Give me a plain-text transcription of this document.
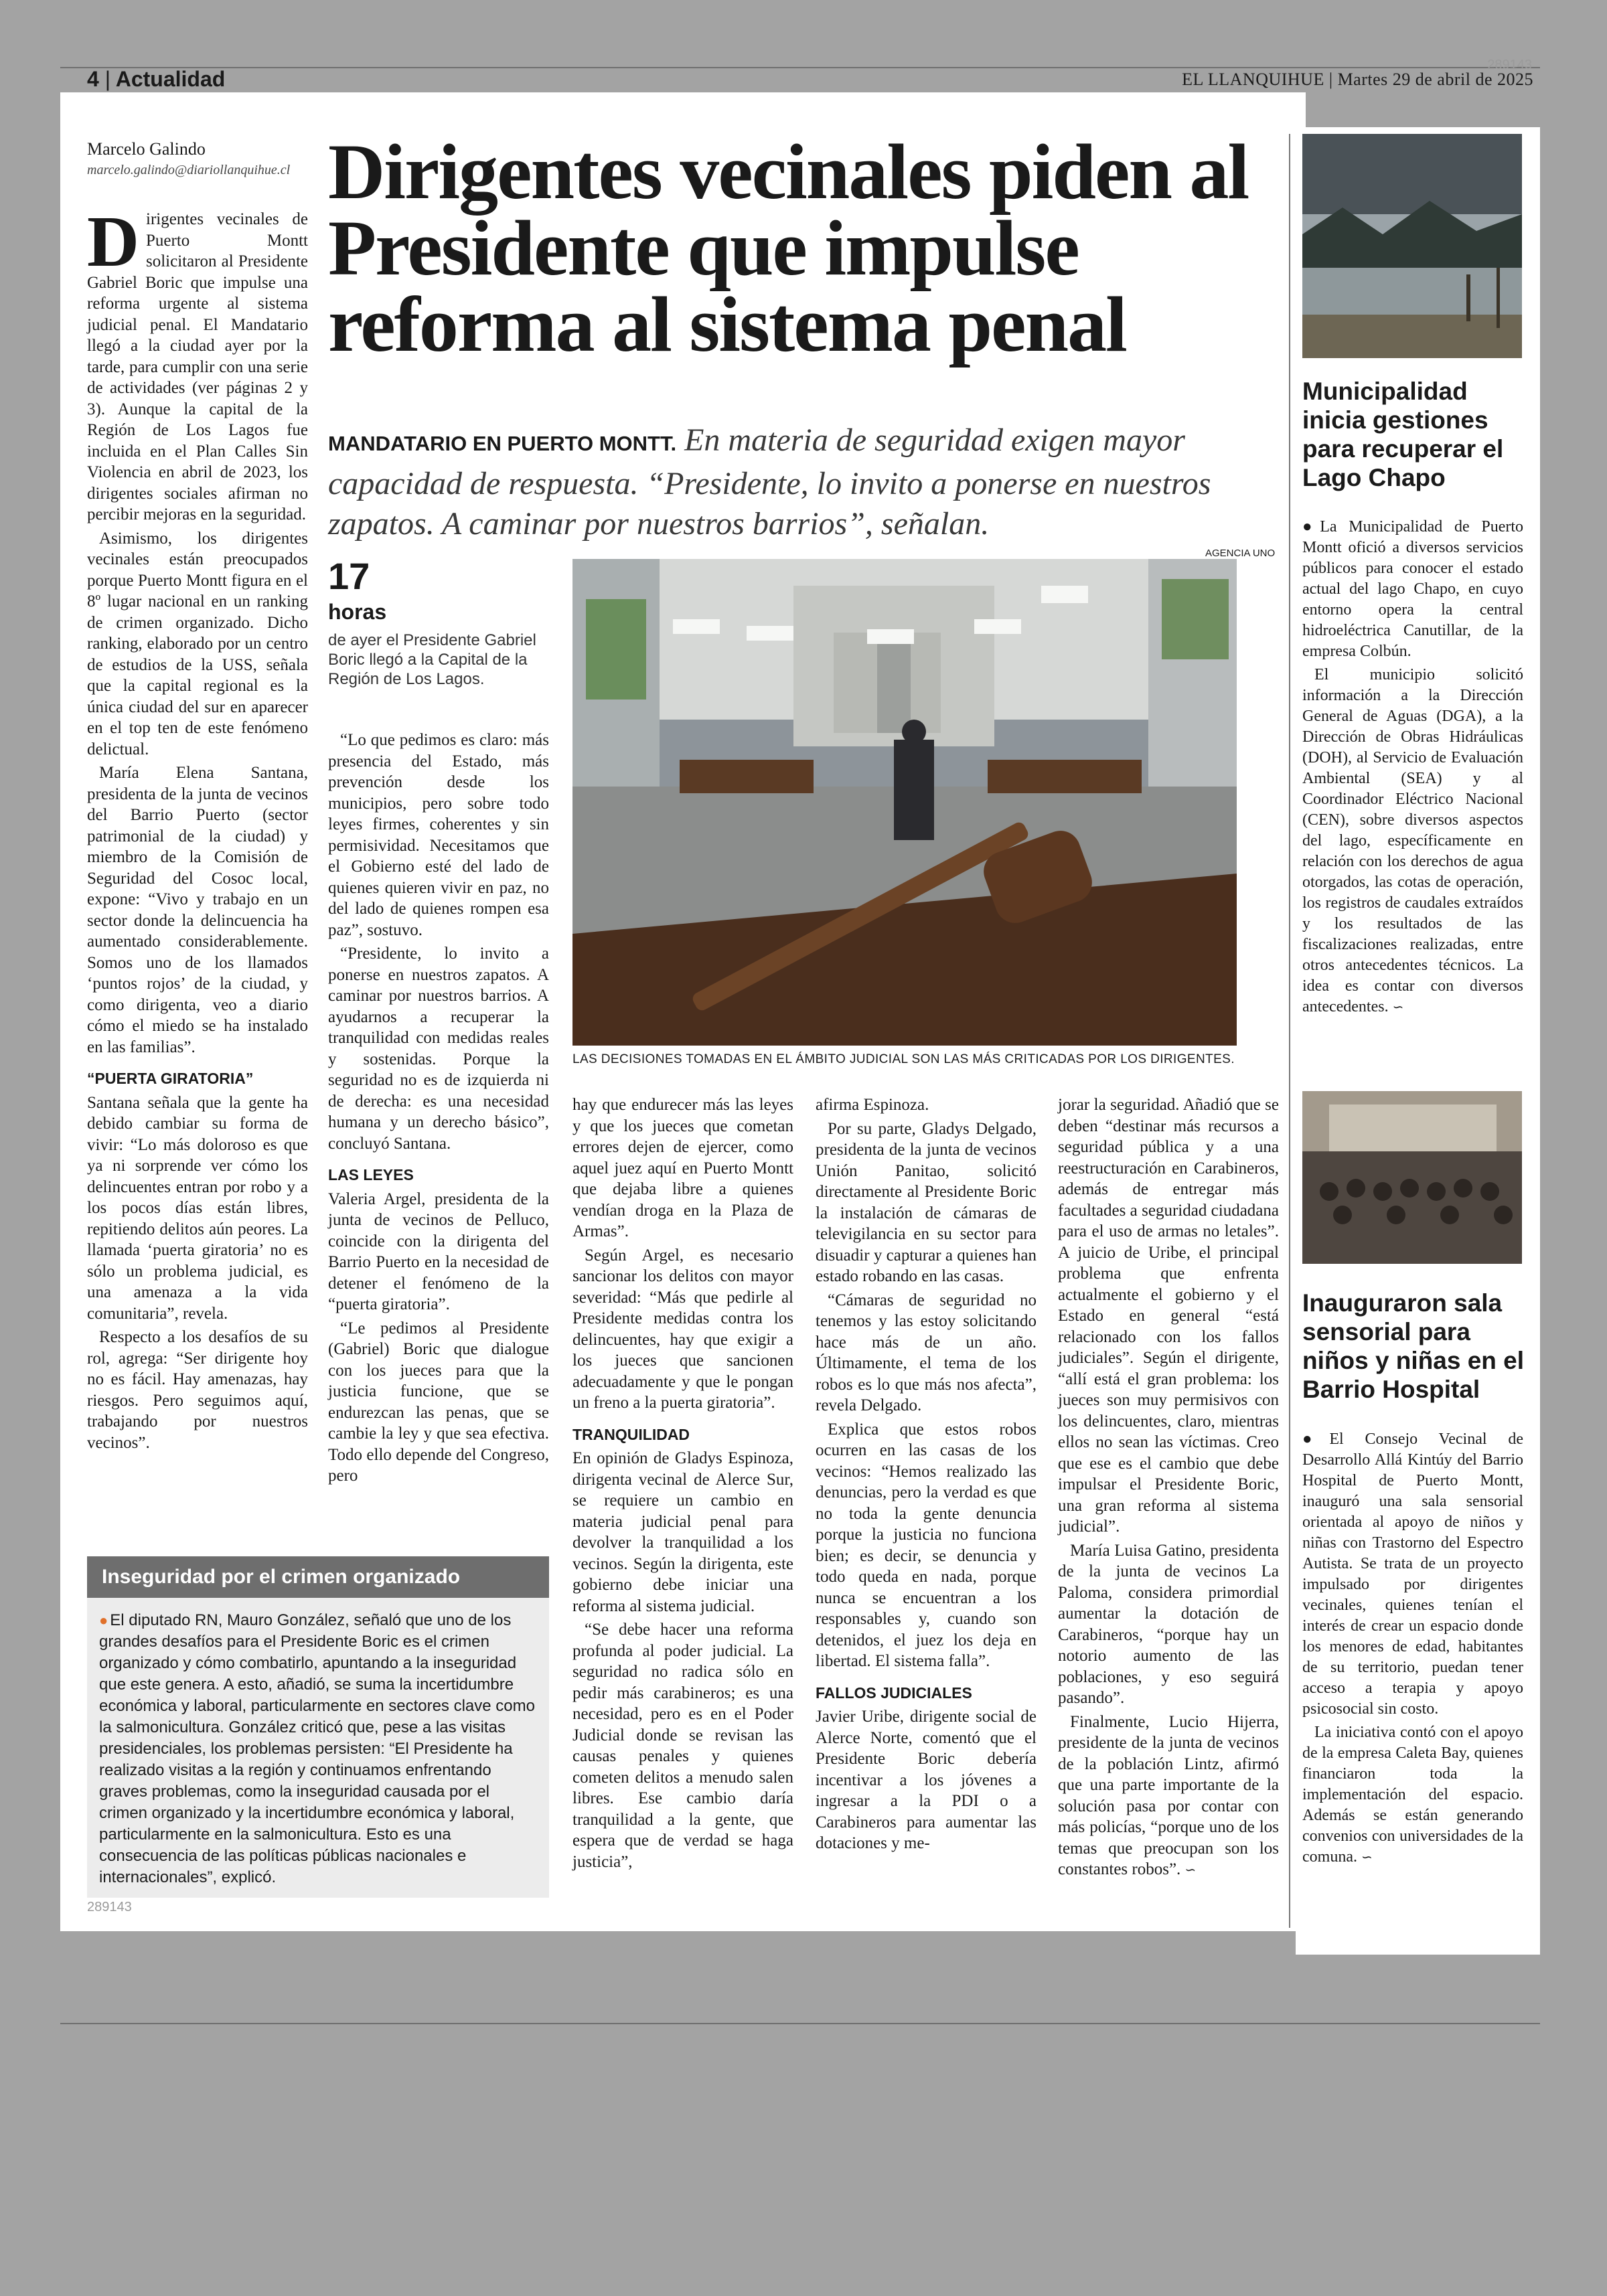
4 | Actualidad	EL LLANQUIHUE | Martes 29 de abril de 2025
289143
Marcelo Galindo
marcelo.galindo@diariollanquihue.cl Dirigentes vecinales piden al Presidente que impulse reforma al sistema penal
MANDATARIO EN PUERTO MONTT. En materia de seguridad exigen mayor capacidad de respuesta. “Presidente, lo invito a ponerse en nuestros zapatos. A caminar por nuestros barrios”, señalan.
17
horas
de ayer el Presidente Gabriel Boric llegó a la Capital de la Región de Los Lagos.
AGENCIA UNO
LAS DECISIONES TOMADAS EN EL ÁMBITO JUDICIAL SON LAS MÁS CRITICADAS POR LOS DIRIGENTES.

Dirigentes vecinales de Puerto Montt solicitaron al Presidente Gabriel Boric que impulse una reforma urgente al sistema judicial penal. El Mandatario llegó a la ciudad ayer por la tarde, para cumplir con una serie de actividades (ver páginas 2 y 3). Aunque la capital de la Región de Los Lagos fue incluida en el Plan Calles Sin Violencia en abril de 2023, los dirigentes sociales afirman no percibir mejoras en la seguridad.

Asimismo, los dirigentes vecinales están preocupados porque Puerto Montt figura en el 8º lugar nacional en un ranking de crimen organizado. Dicho ranking, elaborado por un centro de estudios de la USS, señala que la capital regional es la única ciudad del sur en aparecer en el top ten de este fenómeno delictual.

María Elena Santana, presidenta de la junta de vecinos del Barrio Puerto (sector patrimonial de la ciudad) y miembro de la Comisión de Seguridad del Cosoc local, expone: “Vivo y trabajo en un sector donde la delincuencia ha aumentado considerablemente. Somos uno de los llamados ‘puntos rojos’ de la ciudad, y como dirigenta, veo a diario cómo el miedo se ha instalado en las familias”.

“PUERTA GIRATORIA”

Santana señala que la gente ha debido cambiar su forma de vivir: “Lo más doloroso es que ya ni sorprende ver cómo los delincuentes entran por robo y a los pocos días están libres, repitiendo delitos aún peores. La llamada ‘puerta giratoria’ no es sólo un problema judicial, es una amenaza a la vida comunitaria”, revela.

Respecto a los desafíos de su rol, agrega: “Ser dirigente hoy no es fácil. Hay amenazas, hay riesgos. Pero seguimos aquí, trabajando por nuestros vecinos”.

“Lo que pedimos es claro: más presencia del Estado, más prevención desde los municipios, pero sobre todo leyes firmes, coherentes y sin permisividad. Necesitamos que el Gobierno esté del lado de quienes quieren vivir en paz, no del lado de quienes rompen esa paz”, sostuvo.

“Presidente, lo invito a ponerse en nuestros zapatos. A caminar por nuestros barrios. A ayudarnos a recuperar la tranquilidad con medidas reales y sostenidas. Porque la seguridad no es de izquierda ni de derecha: es una necesidad humana y un derecho básico”, concluyó Santana.

LAS LEYES

Valeria Argel, presidenta de la junta de vecinos de Pelluco, coincide con la dirigenta del Barrio Puerto en la necesidad de detener el fenómeno de la “puerta giratoria”.

“Le pedimos al Presidente (Gabriel) Boric que dialogue con los jueces para que la justicia funcione, que se endurezcan las penas, que se cambie la ley y que sea efectiva. Todo ello depende del Congreso, pero

hay que endurecer más las leyes y que los jueces que cometan errores dejen de ejercer, como aquel juez aquí en Puerto Montt que dejaba libre a quienes vendían droga en la Plaza de Armas”.

Según Argel, es necesario sancionar los delitos con mayor severidad: “Más que pedirle al Presidente medidas contra los delincuentes, hay que exigir a los jueces que sancionen adecuadamente y que le pongan un freno a la puerta giratoria”.

TRANQUILIDAD

En opinión de Gladys Espinoza, dirigenta vecinal de Alerce Sur, se requiere un cambio en materia judicial penal para devolver la tranquilidad a los vecinos. Según la dirigenta, este gobierno debe iniciar una reforma al sistema judicial.

“Se debe hacer una reforma profunda al poder judicial. La seguridad no radica sólo en pedir más carabineros; es una necesidad, pero es en el Poder Judicial donde se revisan las causas penales y quienes cometen delitos a menudo salen libres. Ese cambio daría tranquilidad a la gente, que espera que de verdad se haga justicia”,

afirma Espinoza.

Por su parte, Gladys Delgado, presidenta de la junta de vecinos Unión Panitao, solicitó directamente al Presidente Boric la instalación de cámaras de televigilancia en su sector para disuadir y capturar a quienes han estado robando en las casas.

“Cámaras de seguridad no tenemos y las estoy solicitando hace más de un año. Últimamente, el tema de los robos es lo que más nos afecta”, revela Delgado.

Explica que estos robos ocurren en las casas de los vecinos: “Hemos realizado las denuncias, pero la verdad es que no toda la gente denuncia porque la justicia no funciona bien; es decir, se denuncia y todo queda en nada, porque nunca se encuentran a los responsables y, cuando son detenidos, el juez los deja en libertad. El sistema falla”.

FALLOS JUDICIALES

Javier Uribe, dirigente social de Alerce Norte, comentó que el Presidente Boric debería incentivar a los jóvenes a ingresar a la PDI o a Carabineros para aumentar las dotaciones y me-

jorar la seguridad. Añadió que se deben “destinar más recursos a seguridad pública y a una reestructuración en Carabineros, además de entregar más facultades a seguridad ciudadana para el uso de armas no letales”. A juicio de Uribe, el principal problema que enfrenta actualmente el gobierno y el Estado en general “está relacionado con los fallos judiciales”. Según el dirigente, “allí está el gran problema: los jueces son muy permisivos con los delincuentes, claro, mientras ellos no sean las víctimas. Creo que ese es el cambio que debe impulsar el Presidente Boric, una gran reforma al sistema judicial”.

María Luisa Gatino, presidenta de la junta de vecinos La Paloma, considera primordial aumentar la dotación de Carabineros, “porque hay un notorio aumento de las poblaciones, y eso seguirá pasando”.

Finalmente, Lucio Hijerra, presidente de la junta de vecinos de la población Lintz, afirmó que una parte importante de la solución pasa por contar con más policías, “porque uno de los temas que preocupan son los constantes robos”. ∽

Inseguridad por el crimen organizado
● El diputado RN, Mauro González, señaló que uno de los grandes desafíos para el Presidente Boric es el crimen organizado y cómo combatirlo, apuntando a la inseguridad que este genera. A esto, añadió, se suma la incertidumbre económica y laboral, particularmente en sectores clave como la salmonicultura. González criticó que, pese a las visitas presidenciales, los problemas persisten: “El Presidente ha realizado visitas a la región y continuamos enfrentando graves problemas, como la inseguridad causada por el crimen organizado y la incertidumbre económica y laboral, particularmente en la salmonicultura. Esto es una consecuencia de las políticas públicas nacionales e internacionales”, explicó.
289143
Municipalidad inicia gestiones para recuperar el Lago Chapo

●La Municipalidad de Puerto Montt ofició a diversos servicios públicos para conocer el estado actual del lago Chapo, en cuyo entorno opera la central hidroeléctrica Canutillar, de la empresa Colbún.

El municipio solicitó información a la Dirección General de Aguas (DGA), a la Dirección de Obras Hidráulicas (DOH), al Servicio de Evaluación Ambiental (SEA) y al Coordinador Eléctrico Nacional (CEN), sobre diversos aspectos del lago, específicamente en relación con los derechos de agua otorgados, las cotas de operación, los registros de caudales extraídos y los resultados de las fiscalizaciones realizadas, entre otros antecedentes técnicos. La idea es contar con diversos antecedentes. ∽

Inauguraron sala sensorial para niños y niñas en el Barrio Hospital

●El Consejo Vecinal de Desarrollo Allá Kintúy del Barrio Hospital de Puerto Montt, inauguró una sala sensorial orientada al apoyo de niños y niñas con Trastorno del Espectro Autista. Se trata de un proyecto impulsado por dirigentes vecinales, quienes tenían el interés de crear un espacio donde los menores de edad, habitantes de su territorio, puedan tener acceso a terapia y apoyo psicosocial sin costo.

La iniciativa contó con el apoyo de la empresa Caleta Bay, quienes financiaron toda la implementación del espacio. Además se están generando convenios con universidades de la comuna. ∽
